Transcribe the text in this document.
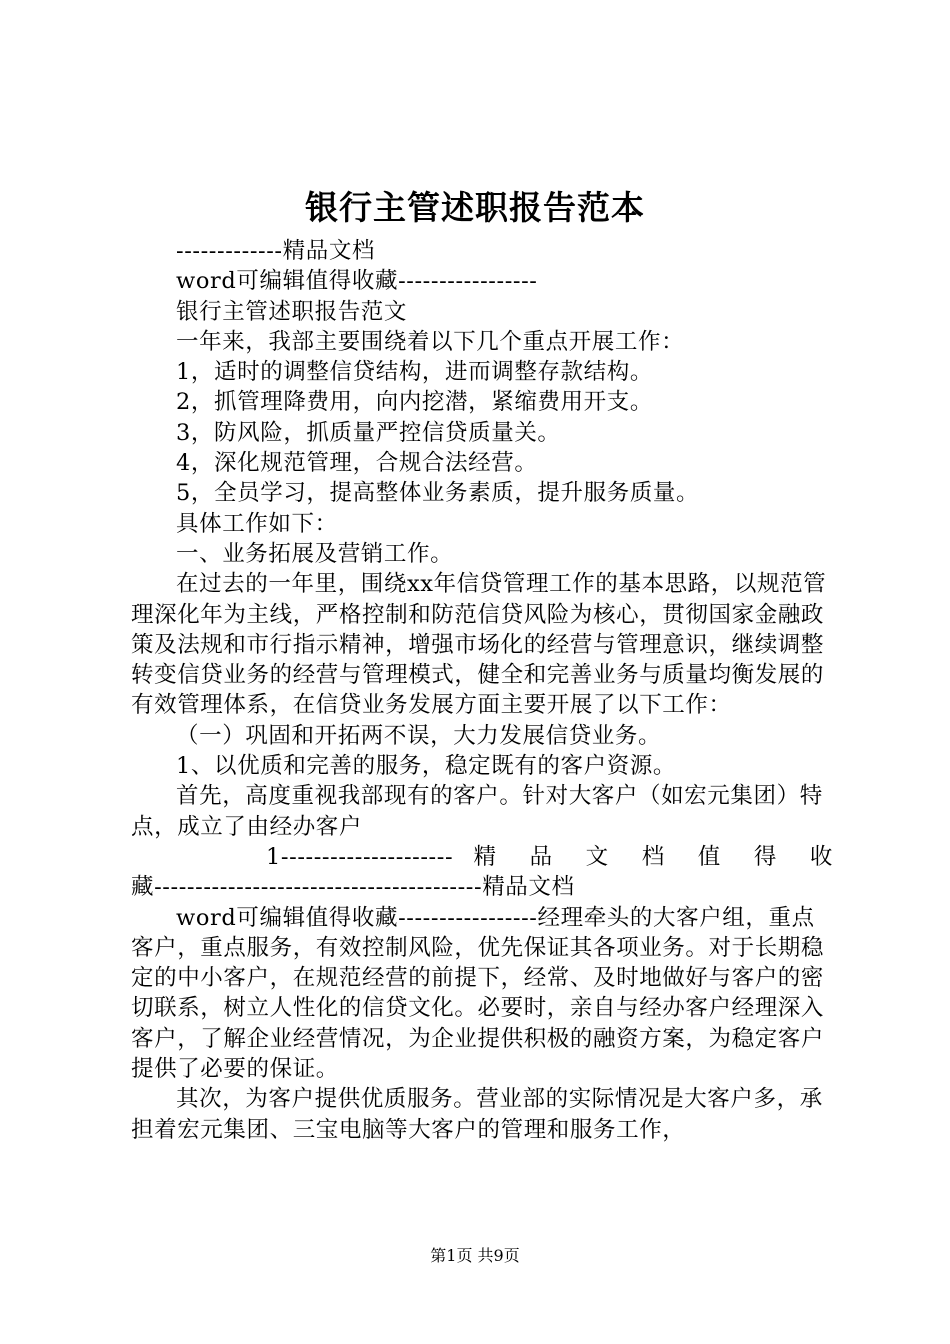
银行主管述职报告范本

-------------精品文档

word可编辑值得收藏-----------------

银行主管述职报告范文

一年来，我部主要围绕着以下几个重点开展工作：

1，适时的调整信贷结构，进而调整存款结构。

2，抓管理降费用，向内挖潜，紧缩费用开支。

3，防风险，抓质量严控信贷质量关。

4，深化规范管理，合规合法经营。

5，全员学习，提高整体业务素质，提升服务质量。

具体工作如下：

一、业务拓展及营销工作。

在过去的一年里，围绕xx年信贷管理工作的基本思路，以规范管理深化年为主线，严格控制和防范信贷风险为核心，贯彻国家金融政策及法规和市行指示精神，增强市场化的经营与管理意识，继续调整转变信贷业务的经营与管理模式，健全和完善业务与质量均衡发展的有效管理体系，在信贷业务发展方面主要开展了以下工作：

（一）巩固和开拓两不误，大力发展信贷业务。

1、以优质和完善的服务，稳定既有的客户资源。

首先，高度重视我部现有的客户。针对大客户（如宏元集团）特点，成立了由经办客户

1--------------------- 精 品 文 档 值 得 收

藏----------------------------------------精品文档

word可编辑值得收藏-----------------经理牵头的大客户组，重点客户，重点服务，有效控制风险，优先保证其各项业务。对于长期稳定的中小客户，在规范经营的前提下，经常、及时地做好与客户的密切联系，树立人性化的信贷文化。必要时，亲自与经办客户经理深入客户，了解企业经营情况，为企业提供积极的融资方案，为稳定客户提供了必要的保证。

其次，为客户提供优质服务。营业部的实际情况是大客户多，承担着宏元集团、三宝电脑等大客户的管理和服务工作，

第1页 共9页
